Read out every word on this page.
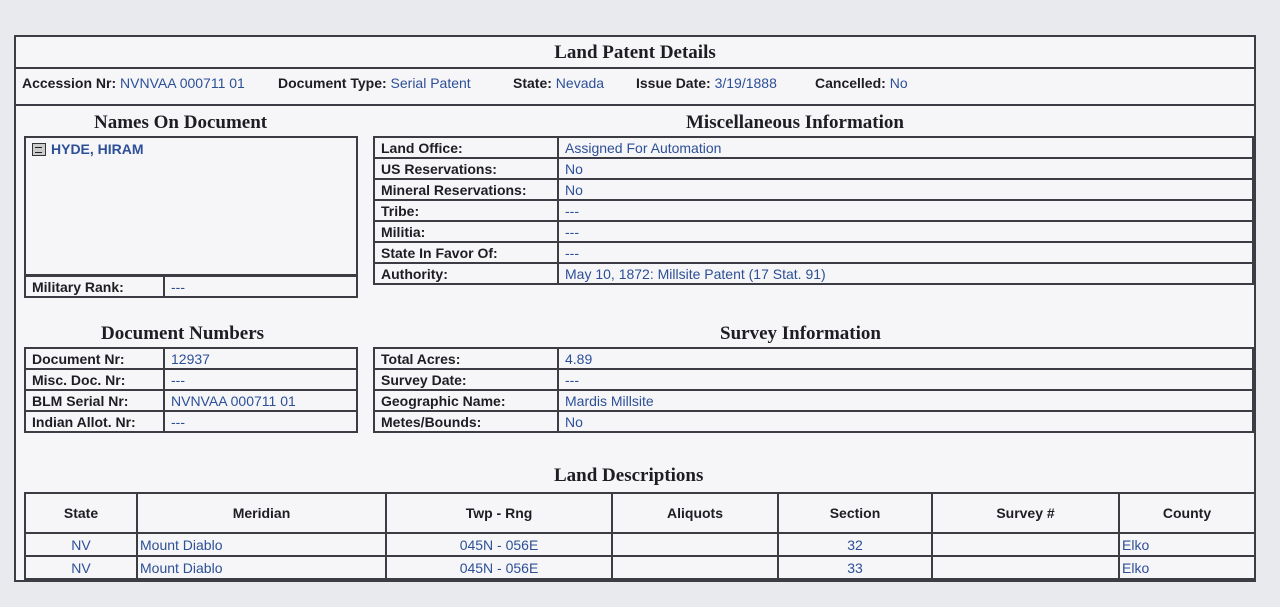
Land Patent Details
Accession Nr: NVNVAA 000711 01 Document Type: Serial Patent	State: Nevada Issue Date: 3/19/1888	Cancelled: No
Names On Document
HYDE, HIRAM
Military Rank:	---
Miscellaneous Information
Land Office:	Assigned For Automation
US Reservations:	No
Mineral Reservations:	No
Tribe:	---
Militia:	---
State In Favor Of:	---
Authority:	May 10, 1872: Millsite Patent (17 Stat. 91)
Document Numbers
Document Nr:	12937
Misc. Doc. Nr:	---
BLM Serial Nr:	NVNVAA 000711 01
Indian Allot. Nr:	---
Survey Information
Total Acres:	4.89
Survey Date:	---
Geographic Name:	Mardis Millsite
Metes/Bounds:	No
Land Descriptions
State	Meridian	Twp - Rng	Aliquots	Section	Survey #	County
NV	Mount Diablo	045N - 056E		32		Elko
NV	Mount Diablo	045N - 056E		33		Elko
